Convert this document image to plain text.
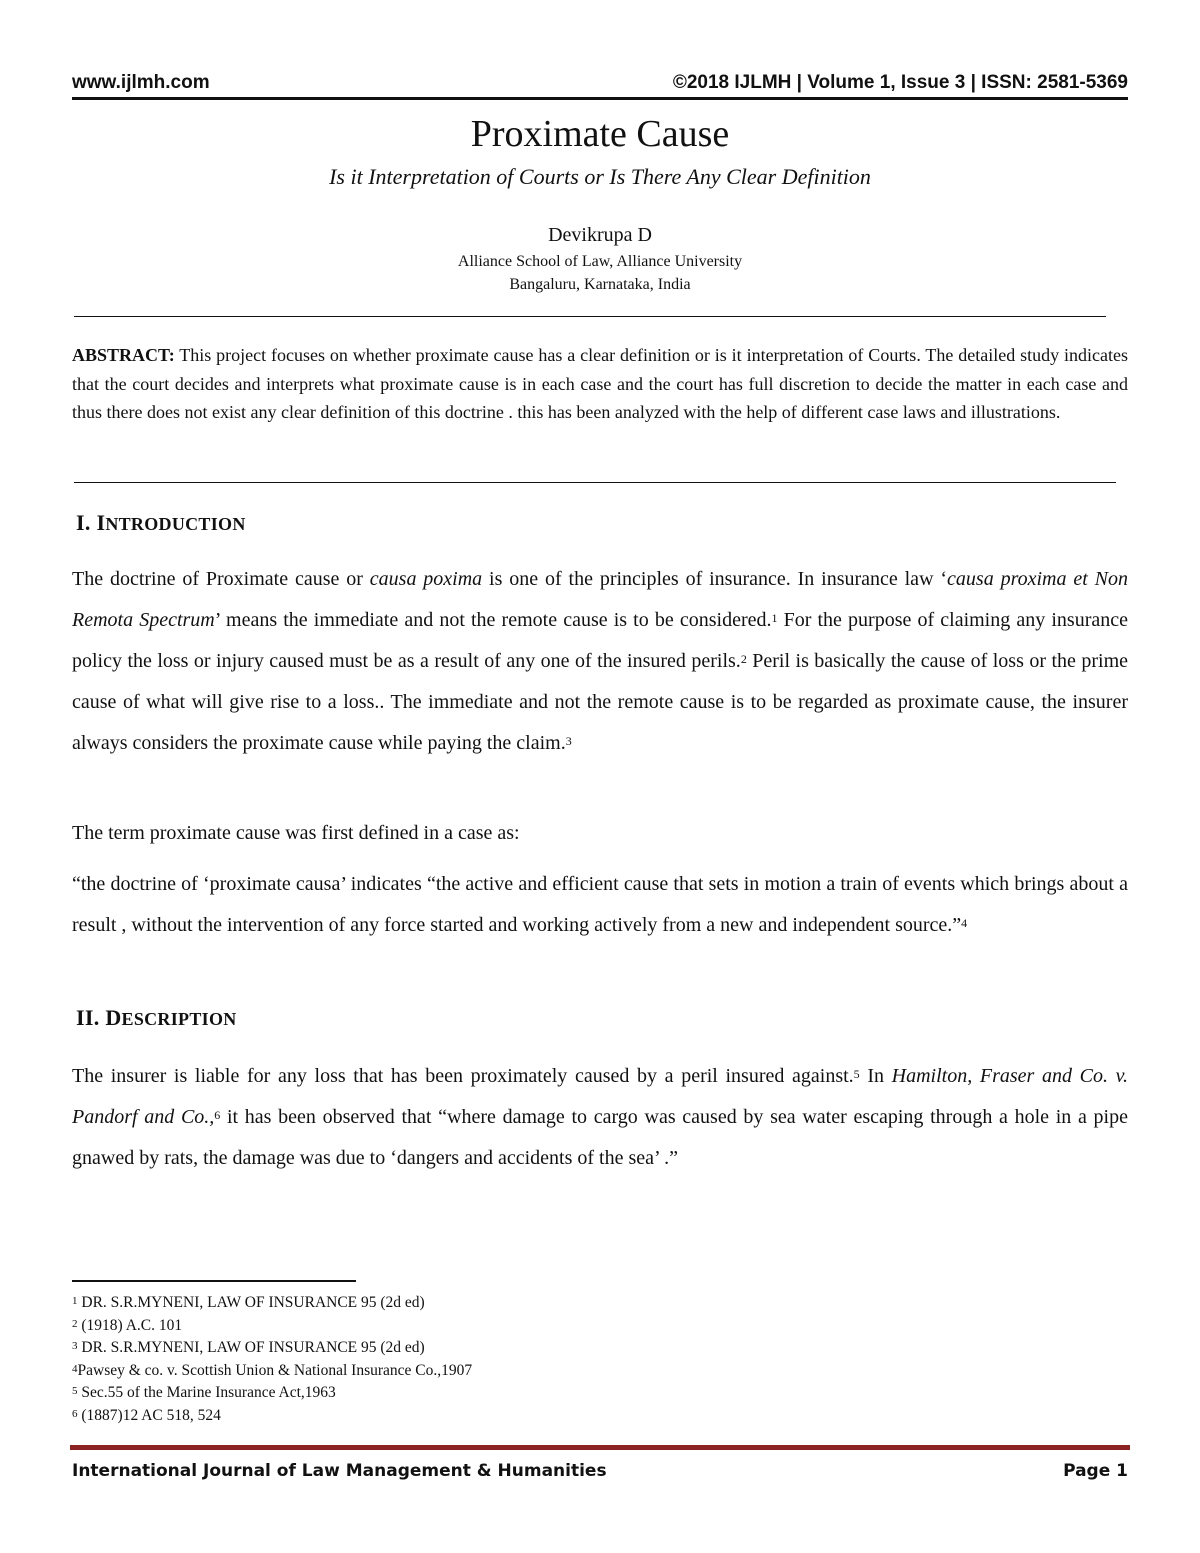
www.ijlmh.com	©2018 IJLMH | Volume 1, Issue 3 | ISSN: 2581-5369
Proximate Cause
Is it Interpretation of Courts or Is There Any Clear Definition
Devikrupa D
Alliance School of Law, Alliance University
Bangaluru, Karnataka, India
ABSTRACT: This project focuses on whether proximate cause has a clear definition or is it interpretation of Courts. The detailed study indicates that the court decides and interprets what proximate cause is in each case and the court has full discretion to decide the matter in each case and thus there does not exist any clear definition of this doctrine . this has been analyzed with the help of different case laws and illustrations.
I. INTRODUCTION
The doctrine of Proximate cause or causa poxima is one of the principles of insurance. In insurance law ‘causa proxima et Non Remota Spectrum’ means the immediate and not the remote cause is to be considered.$^1$ For the purpose of claiming any insurance policy the loss or injury caused must be as a result of any one of the insured perils.$^2$ Peril is basically the cause of loss or the prime cause of what will give rise to a loss.. The immediate and not the remote cause is to be regarded as proximate cause, the insurer always considers the proximate cause while paying the claim.$^3$
The term proximate cause was first defined in a case as:
“the doctrine of ‘proximate causa’ indicates “the active and efficient cause that sets in motion a train of events which brings about a result , without the intervention of any force started and working actively from a new and independent source.”$^4$
II. DESCRIPTION
The insurer is liable for any loss that has been proximately caused by a peril insured against.$^5$ In Hamilton, Fraser and Co. v. Pandorf and Co.,$^6$ it has been observed that “where damage to cargo was caused by sea water escaping through a hole in a pipe gnawed by rats, the damage was due to ‘dangers and accidents of the sea’ .”
$^1$ DR. S.R.MYNENI, LAW OF INSURANCE 95 (2d ed)
$^2$ (1918) A.C. 101
$^3$ DR. S.R.MYNENI, LAW OF INSURANCE 95 (2d ed)
$^4$Pawsey & co. v. Scottish Union & National Insurance Co.,1907
$^5$ Sec.55 of the Marine Insurance Act,1963
$^6$ (1887)12 AC 518, 524
International Journal of Law Management & Humanities	Page 1
